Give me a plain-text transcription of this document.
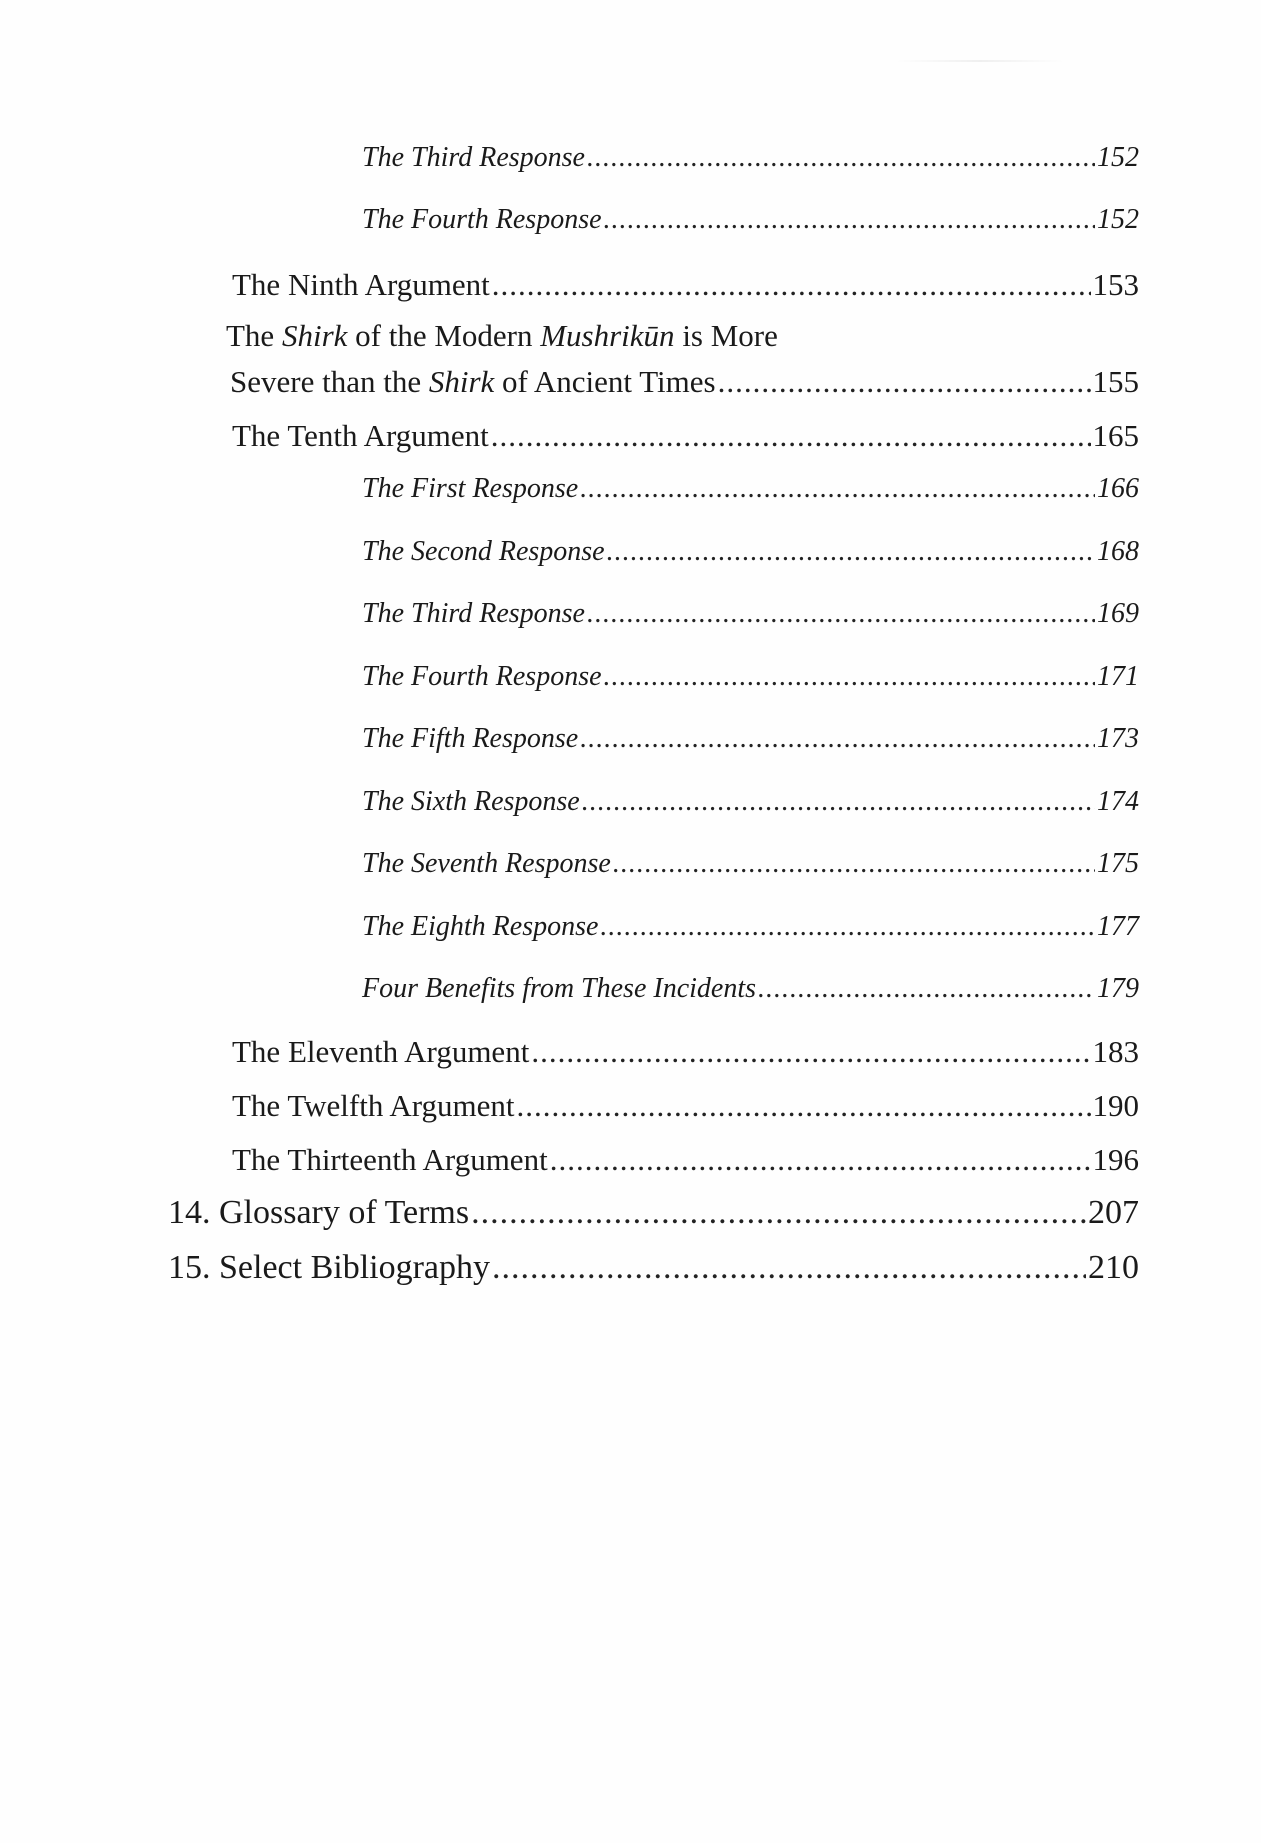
The Third Response .....	152
The Fourth Response .....	152
The Ninth Argument .....	153
The Shirk of the Modern Mushrikūn is More
Severe than the Shirk of Ancient Times .....	155
The Tenth Argument .....	165
The First Response .....	166
The Second Response .....	168
The Third Response .....	169
The Fourth Response .....	171
The Fifth Response .....	173
The Sixth Response .....	174
The Seventh Response .....	175
The Eighth Response .....	177
Four Benefits from These Incidents .....	179
The Eleventh Argument .....	183
The Twelfth Argument .....	190
The Thirteenth Argument .....	196
14. Glossary of Terms .....	207
15. Select Bibliography .....	210
